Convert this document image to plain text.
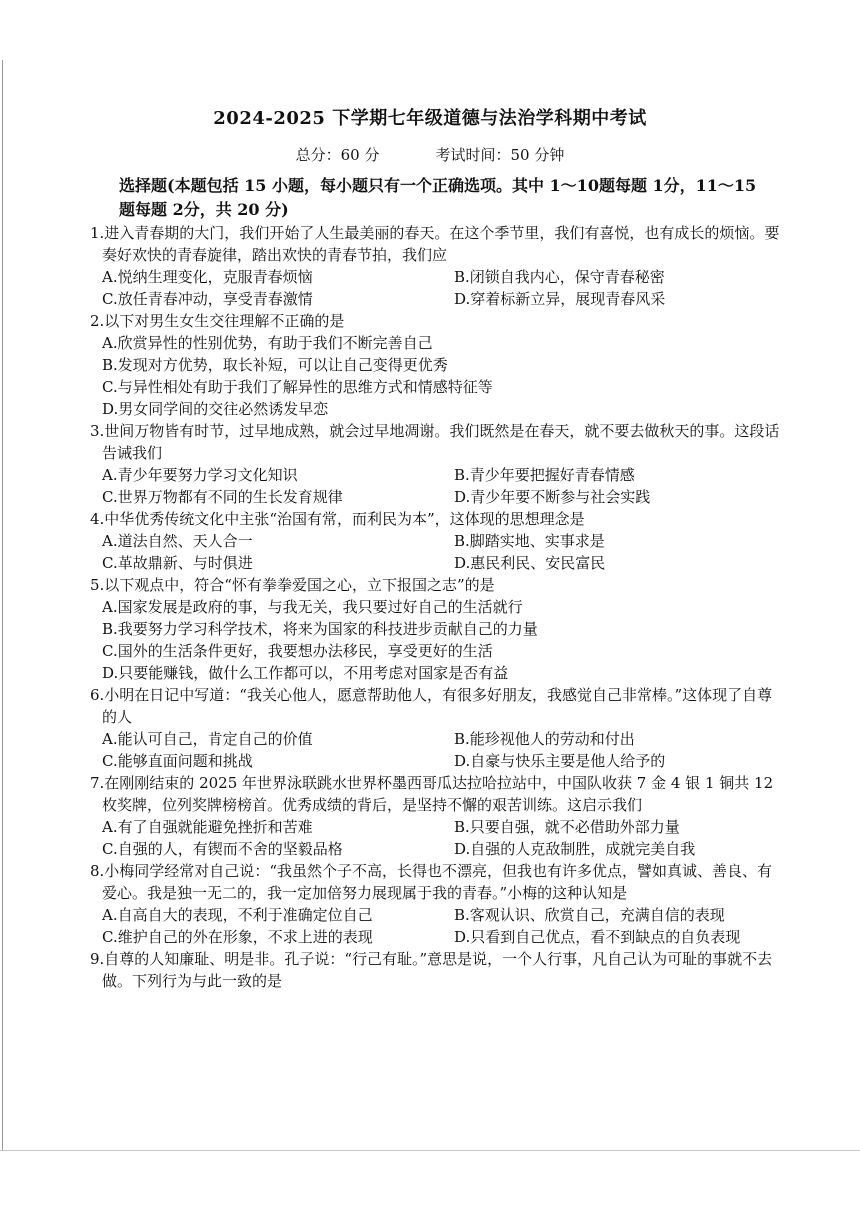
2024-2025 下学期七年级道德与法治学科期中考试
总分：60 分	考试时间：50 分钟
选择题(本题包括 15 小题，每小题只有一个正确选项。其中 1～10题每题 1分，11～15 题每题 2分，共 20 分)
1.进入青春期的大门，我们开始了人生最美丽的春天。在这个季节里，我们有喜悦，也有成长的烦恼。要奏好欢快的青春旋律，踏出欢快的青春节拍，我们应
A.悦纳生理变化，克服青春烦恼	B.闭锁自我内心，保守青春秘密
C.放任青春冲动，享受青春激情	D.穿着标新立异，展现青春风采
2.以下对男生女生交往理解不正确的是
A.欣赏异性的性别优势，有助于我们不断完善自己
B.发现对方优势，取长补短，可以让自己变得更优秀
C.与异性相处有助于我们了解异性的思维方式和情感特征等
D.男女同学间的交往必然诱发早恋
3.世间万物皆有时节，过早地成熟，就会过早地凋谢。我们既然是在春天，就不要去做秋天的事。这段话告诫我们
A.青少年要努力学习文化知识	B.青少年要把握好青春情感
C.世界万物都有不同的生长发育规律	D.青少年要不断参与社会实践
4.中华优秀传统文化中主张“治国有常，而利民为本”，这体现的思想理念是
A.道法自然、天人合一	B.脚踏实地、实事求是
C.革故鼎新、与时俱进	D.惠民利民、安民富民
5.以下观点中，符合“怀有拳拳爱国之心，立下报国之志”的是
A.国家发展是政府的事，与我无关，我只要过好自己的生活就行
B.我要努力学习科学技术，将来为国家的科技进步贡献自己的力量
C.国外的生活条件更好，我要想办法移民，享受更好的生活
D.只要能赚钱，做什么工作都可以，不用考虑对国家是否有益
6.小明在日记中写道：“我关心他人，愿意帮助他人，有很多好朋友，我感觉自己非常棒。”这体现了自尊的人
A.能认可自己，肯定自己的价值	B.能珍视他人的劳动和付出
C.能够直面问题和挑战	D.自豪与快乐主要是他人给予的
7.在刚刚结束的 2025 年世界泳联跳水世界杯墨西哥瓜达拉哈拉站中，中国队收获 7 金 4 银 1 铜共 12 枚奖牌，位列奖牌榜榜首。优秀成绩的背后，是坚持不懈的艰苦训练。这启示我们
A.有了自强就能避免挫折和苦难	B.只要自强，就不必借助外部力量
C.自强的人，有锲而不舍的坚毅品格	D.自强的人克敌制胜，成就完美自我
8.小梅同学经常对自己说：“我虽然个子不高，长得也不漂亮，但我也有许多优点，譬如真诚、善良、有爱心。我是独一无二的，我一定加倍努力展现属于我的青春。”小梅的这种认知是
A.自高自大的表现，不利于准确定位自己	B.客观认识、欣赏自己，充满自信的表现
C.维护自己的外在形象，不求上进的表现	D.只看到自己优点，看不到缺点的自负表现
9.自尊的人知廉耻、明是非。孔子说：“行己有耻。”意思是说，一个人行事，凡自己认为可耻的事就不去做。下列行为与此一致的是
